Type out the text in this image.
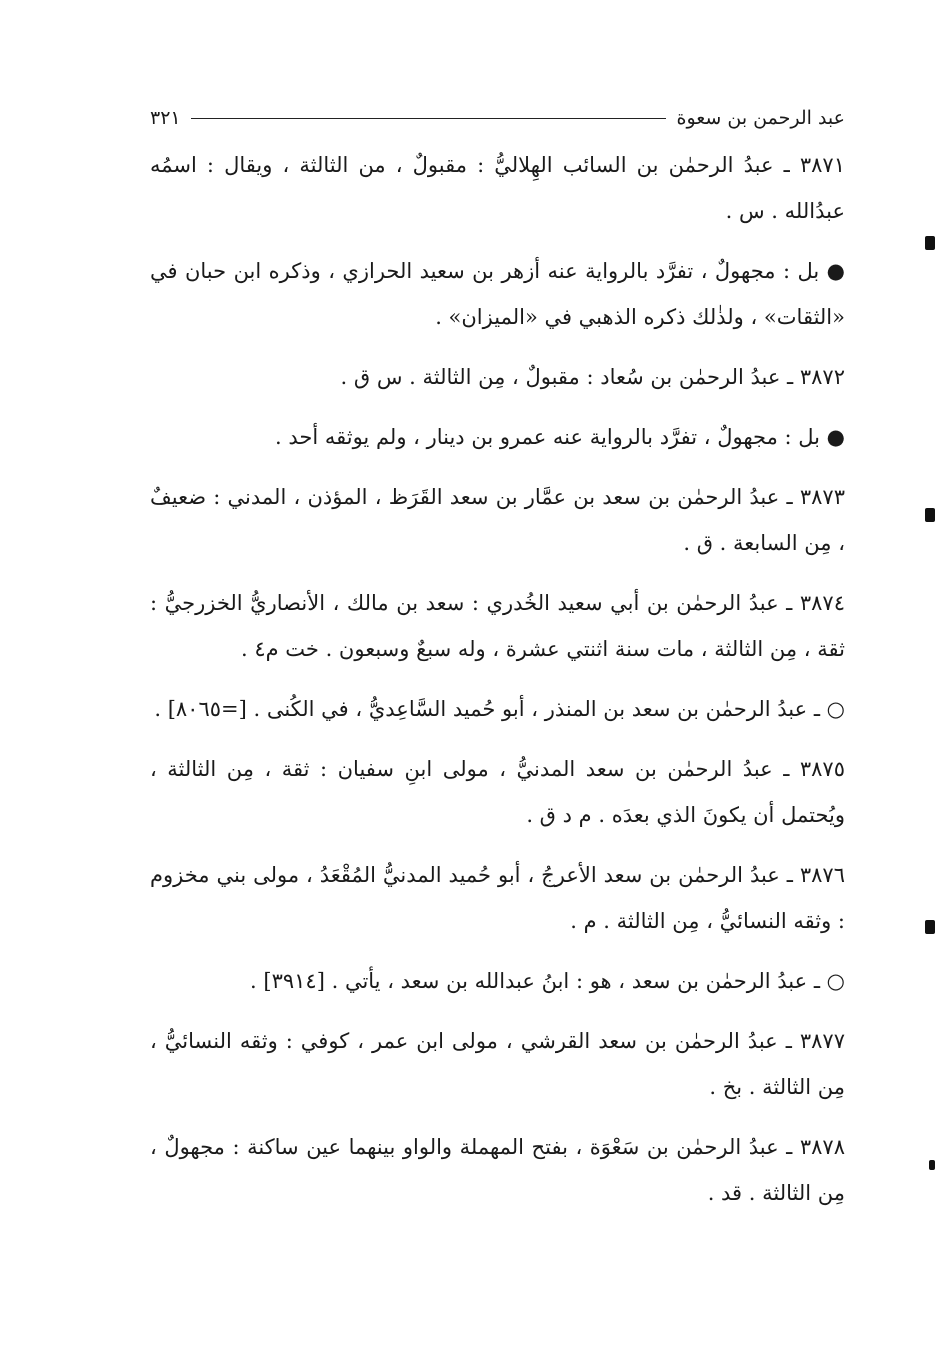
عبد الرحمن بن سعوة
٣٢١

٣٨٧١ ـ عبدُ الرحمٰن بن السائب الهِلاليُّ : مقبولٌ ، من الثالثة ، ويقال : اسمُه عبدُالله . س .

● بل : مجهولٌ ، تفرَّد بالرواية عنه أزهر بن سعيد الحرازي ، وذكره ابن حبان في «الثقات» ، ولذٰلك ذكره الذهبي في «الميزان» .

٣٨٧٢ ـ عبدُ الرحمٰن بن سُعاد : مقبولٌ ، مِن الثالثة . س ق .

● بل : مجهولٌ ، تفرَّد بالرواية عنه عمرو بن دينار ، ولم يوثقه أحد .

٣٨٧٣ ـ عبدُ الرحمٰن بن سعد بن عمَّار بن سعد القَرَظ ، المؤذن ، المدني : ضعيفٌ ، مِن السابعة . ق .

٣٨٧٤ ـ عبدُ الرحمٰن بن أبي سعيد الخُدري : سعد بن مالك ، الأنصاريُّ الخزرجيُّ : ثقة ، مِن الثالثة ، مات سنة اثنتي عشرة ، وله سبعٌ وسبعون . خت م٤ .

○ ـ عبدُ الرحمٰن بن سعد بن المنذر ، أبو حُميد السَّاعِديُّ ، في الكُنى . [=٨٠٦٥] .

٣٨٧٥ ـ عبدُ الرحمٰن بن سعد المدنيُّ ، مولى ابنِ سفيان : ثقة ، مِن الثالثة ، ويُحتمل أن يكونَ الذي بعدَه . م د ق .

٣٨٧٦ ـ عبدُ الرحمٰن بن سعد الأعرجُ ، أبو حُميد المدنيُّ المُقْعَدُ ، مولى بني مخزوم : وثقه النسائيُّ ، مِن الثالثة . م .

○ ـ عبدُ الرحمٰن بن سعد ، هو : ابنُ عبدالله بن سعد ، يأتي . [٣٩١٤] .

٣٨٧٧ ـ عبدُ الرحمٰن بن سعد القرشي ، مولى ابن عمر ، كوفي : وثقه النسائيُّ ، مِن الثالثة . بخ .

٣٨٧٨ ـ عبدُ الرحمٰن بن سَعْوَة ، بفتح المهملة والواو بينهما عين ساكنة : مجهولٌ ، مِن الثالثة . قد .
